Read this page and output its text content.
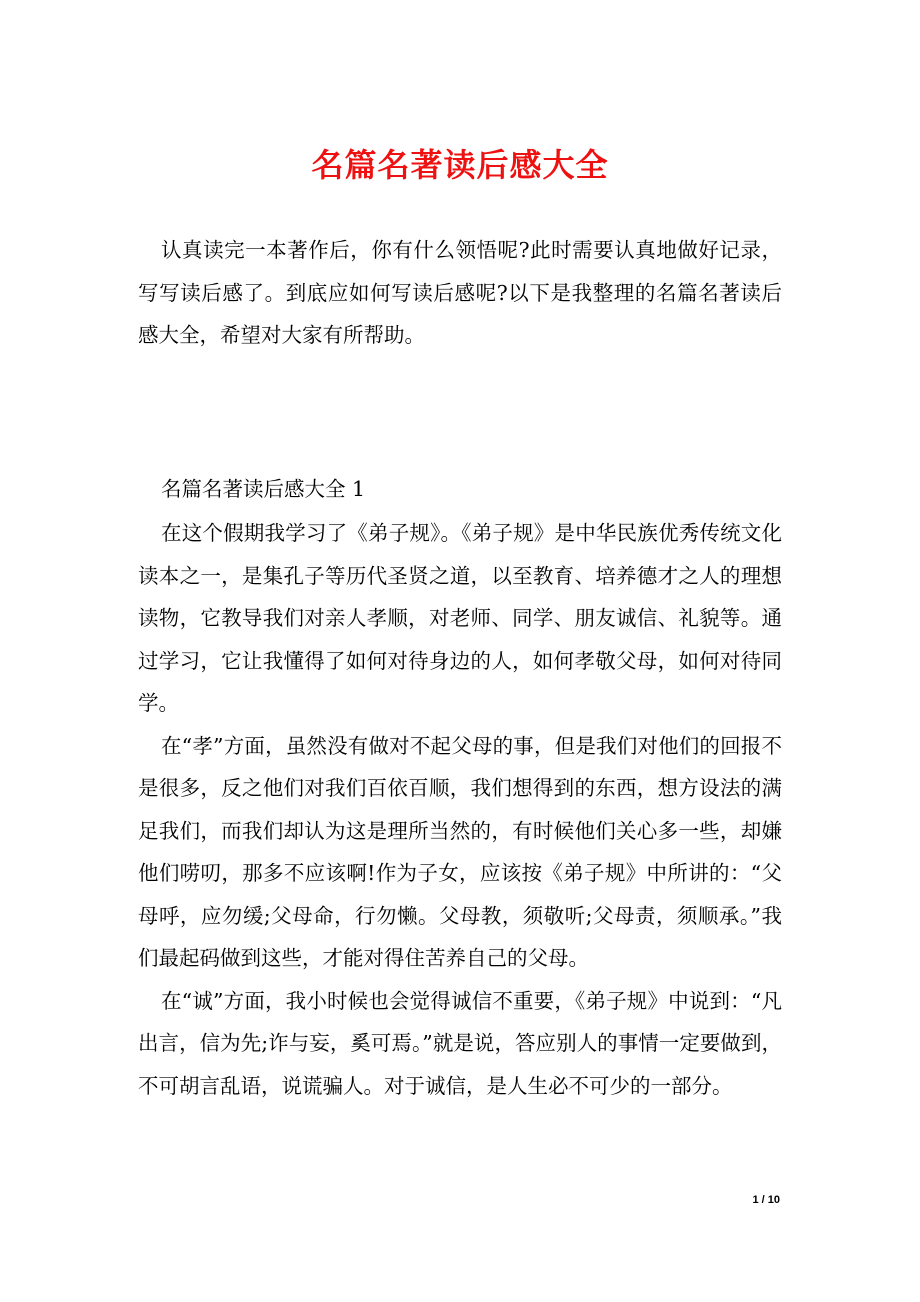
名篇名著读后感大全

认真读完一本著作后，你有什么领悟呢?此时需要认真地做好记录，写写读后感了。到底应如何写读后感呢?以下是我整理的名篇名著读后感大全，希望对大家有所帮助。

名篇名著读后感大全 1

在这个假期我学习了《弟子规》。《弟子规》是中华民族优秀传统文化读本之一，是集孔子等历代圣贤之道，以至教育、培养德才之人的理想读物，它教导我们对亲人孝顺，对老师、同学、朋友诚信、礼貌等。通过学习，它让我懂得了如何对待身边的人，如何孝敬父母，如何对待同学。

在“孝”方面，虽然没有做对不起父母的事，但是我们对他们的回报不是很多，反之他们对我们百依百顺，我们想得到的东西，想方设法的满足我们，而我们却认为这是理所当然的，有时候他们关心多一些，却嫌他们唠叨，那多不应该啊!作为子女，应该按《弟子规》中所讲的：“父母呼，应勿缓;父母命，行勿懒。父母教，须敬听;父母责，须顺承。”我们最起码做到这些，才能对得住苦养自己的父母。

在“诚”方面，我小时候也会觉得诚信不重要，《弟子规》中说到：“凡出言，信为先;诈与妄，奚可焉。”就是说，答应别人的事情一定要做到，不可胡言乱语，说谎骗人。对于诚信，是人生必不可少的一部分。

1 / 10
